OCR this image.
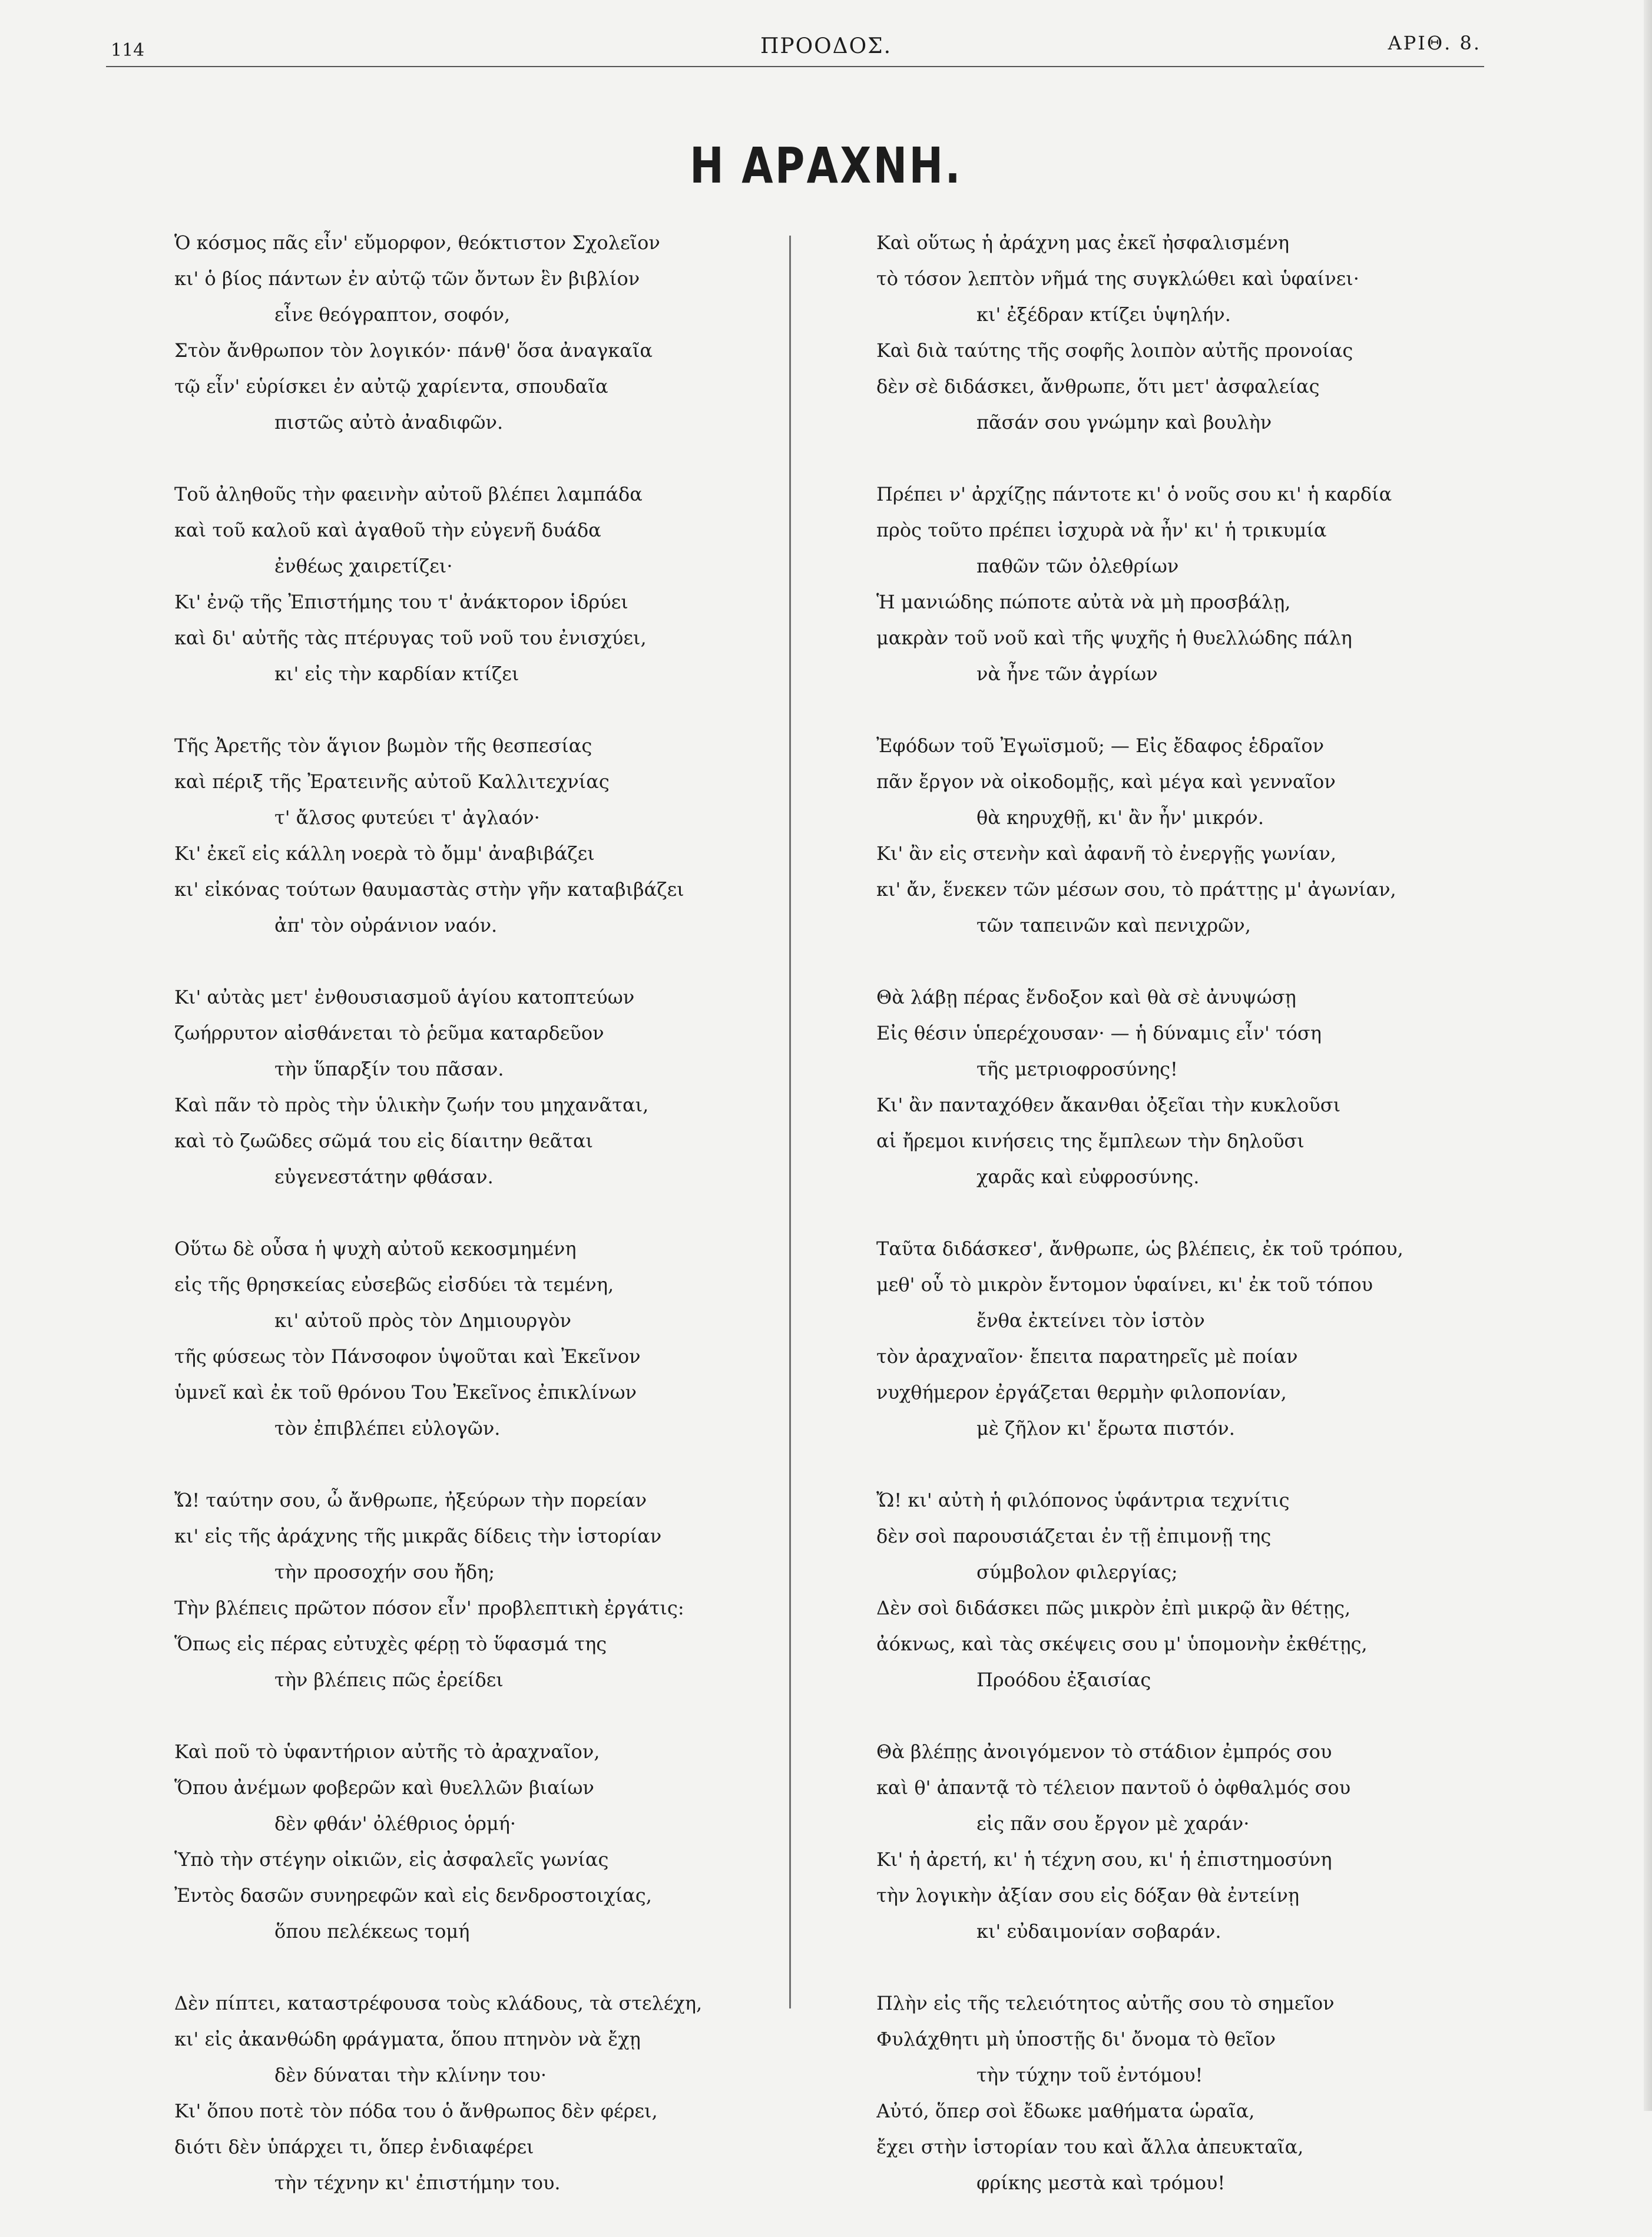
114	ΠΡΟΟΔΟΣ.	ΑΡΙΘ. 8.
Η ΑΡΑΧΝΗ.
Ὁ κόσμος πᾶς εἶν' εὔμορφον, θεόκτιστον Σχολεῖον
κι' ὁ βίος πάντων ἐν αὐτῷ τῶν ὄντων ἓν βιβλίον
εἶνε θεόγραπτον, σοφόν,
Στὸν ἄνθρωπον τὸν λογικόν· πάνθ' ὅσα ἀναγκαῖα
τῷ εἶν' εὑρίσκει ἐν αὐτῷ χαρίεντα, σπουδαῖα
πιστῶς αὐτὸ ἀναδιφῶν.
Τοῦ ἀληθοῦς τὴν φαεινὴν αὐτοῦ βλέπει λαμπάδα
καὶ τοῦ καλοῦ καὶ ἀγαθοῦ τὴν εὐγενῆ δυάδα
ἐνθέως χαιρετίζει·
Κι' ἐνῷ τῆς Ἐπιστήμης του τ' ἀνάκτορον ἱδρύει
καὶ δι' αὐτῆς τὰς πτέρυγας τοῦ νοῦ του ἐνισχύει,
κι' εἰς τὴν καρδίαν κτίζει
Τῆς Ἀρετῆς τὸν ἅγιον βωμὸν τῆς θεσπεσίας
καὶ πέριξ τῆς Ἐρατεινῆς αὐτοῦ Καλλιτεχνίας
τ' ἄλσος φυτεύει τ' ἀγλαόν·
Κι' ἐκεῖ εἰς κάλλη νοερὰ τὸ ὄμμ' ἀναβιβάζει
κι' εἰκόνας τούτων θαυμαστὰς στὴν γῆν καταβιβάζει
ἀπ' τὸν οὐράνιον ναόν.
Κι' αὐτὰς μετ' ἐνθουσιασμοῦ ἁγίου κατοπτεύων
ζωήρρυτον αἰσθάνεται τὸ ῥεῦμα καταρδεῦον
τὴν ὕπαρξίν του πᾶσαν.
Καὶ πᾶν τὸ πρὸς τὴν ὑλικὴν ζωήν του μηχανᾶται,
καὶ τὸ ζωῶδες σῶμά του εἰς δίαιτην θεᾶται
εὐγενεστάτην φθάσαν.
Οὕτω δὲ οὖσα ἡ ψυχὴ αὐτοῦ κεκοσμημένη
εἰς τῆς θρησκείας εὐσεβῶς εἰσδύει τὰ τεμένη,
κι' αὐτοῦ πρὸς τὸν Δημιουργὸν
τῆς φύσεως τὸν Πάνσοφον ὑψοῦται καὶ Ἐκεῖνον
ὑμνεῖ καὶ ἐκ τοῦ θρόνου Του Ἐκεῖνος ἐπικλίνων
τὸν ἐπιβλέπει εὐλογῶν.
Ὤ! ταύτην σου, ὦ ἄνθρωπε, ἠξεύρων τὴν πορείαν
κι' εἰς τῆς ἀράχνης τῆς μικρᾶς δίδεις τὴν ἱστορίαν
τὴν προσοχήν σου ἤδη;
Τὴν βλέπεις πρῶτον πόσον εἶν' προβλεπτικὴ ἐργάτις:
Ὅπως εἰς πέρας εὐτυχὲς φέρῃ τὸ ὕφασμά της
τὴν βλέπεις πῶς ἐρείδει
Καὶ ποῦ τὸ ὑφαντήριον αὐτῆς τὸ ἀραχναῖον,
Ὅπου ἀνέμων φοβερῶν καὶ θυελλῶν βιαίων
δὲν φθάν' ὀλέθριος ὁρμή·
Ὑπὸ τὴν στέγην οἰκιῶν, εἰς ἀσφαλεῖς γωνίας
Ἐντὸς δασῶν συνηρεφῶν καὶ εἰς δενδροστοιχίας,
ὅπου πελέκεως τομή
Δὲν πίπτει, καταστρέφουσα τοὺς κλάδους, τὰ στελέχη,
κι' εἰς ἀκανθώδη φράγματα, ὅπου πτηνὸν νὰ ἔχῃ
δὲν δύναται τὴν κλίνην του·
Κι' ὅπου ποτὲ τὸν πόδα του ὁ ἄνθρωπος δὲν φέρει,
διότι δὲν ὑπάρχει τι, ὅπερ ἐνδιαφέρει
τὴν τέχνην κι' ἐπιστήμην του.
Καὶ οὕτως ἡ ἀράχνη μας ἐκεῖ ἠσφαλισμένη
τὸ τόσον λεπτὸν νῆμά της συγκλώθει καὶ ὑφαίνει·
κι' ἐξέδραν κτίζει ὑψηλήν.
Καὶ διὰ ταύτης τῆς σοφῆς λοιπὸν αὐτῆς προνοίας
δὲν σὲ διδάσκει, ἄνθρωπε, ὅτι μετ' ἀσφαλείας
πᾶσάν σου γνώμην καὶ βουλὴν
Πρέπει ν' ἀρχίζῃς πάντοτε κι' ὁ νοῦς σου κι' ἡ καρδία
πρὸς τοῦτο πρέπει ἰσχυρὰ νὰ ἦν' κι' ἡ τρικυμία
παθῶν τῶν ὀλεθρίων
Ἡ μανιώδης πώποτε αὐτὰ νὰ μὴ προσβάλῃ,
μακρὰν τοῦ νοῦ καὶ τῆς ψυχῆς ἡ θυελλώδης πάλη
νὰ ἦνε τῶν ἀγρίων
Ἐφόδων τοῦ Ἐγωϊσμοῦ; — Εἰς ἔδαφος ἑδραῖον
πᾶν ἔργον νὰ οἰκοδομῇς, καὶ μέγα καὶ γενναῖον
θὰ κηρυχθῇ, κι' ἂν ἦν' μικρόν.
Κι' ἂν εἰς στενὴν καὶ ἀφανῆ τὸ ἐνεργῇς γωνίαν,
κι' ἄν, ἕνεκεν τῶν μέσων σου, τὸ πράττῃς μ' ἀγωνίαν,
τῶν ταπεινῶν καὶ πενιχρῶν,
Θὰ λάβῃ πέρας ἔνδοξον καὶ θὰ σὲ ἀνυψώσῃ
Εἰς θέσιν ὑπερέχουσαν· — ἡ δύναμις εἶν' τόση
τῆς μετριοφροσύνης!
Κι' ἂν πανταχόθεν ἄκανθαι ὀξεῖαι τὴν κυκλοῦσι
αἱ ἤρεμοι κινήσεις της ἔμπλεων τὴν δηλοῦσι
χαρᾶς καὶ εὐφροσύνης.
Ταῦτα διδάσκεσ', ἄνθρωπε, ὡς βλέπεις, ἐκ τοῦ τρόπου,
μεθ' οὗ τὸ μικρὸν ἔντομον ὑφαίνει, κι' ἐκ τοῦ τόπου
ἔνθα ἐκτείνει τὸν ἱστὸν
τὸν ἀραχναῖον· ἔπειτα παρατηρεῖς μὲ ποίαν
νυχθήμερον ἐργάζεται θερμὴν φιλοπονίαν,
μὲ ζῆλον κι' ἔρωτα πιστόν.
Ὤ! κι' αὐτὴ ἡ φιλόπονος ὑφάντρια τεχνίτις
δὲν σοὶ παρουσιάζεται ἐν τῇ ἐπιμονῇ της
σύμβολον φιλεργίας;
Δὲν σοὶ διδάσκει πῶς μικρὸν ἐπὶ μικρῷ ἂν θέτῃς,
ἀόκνως, καὶ τὰς σκέψεις σου μ' ὑπομονὴν ἐκθέτῃς,
Προόδου ἐξαισίας
Θὰ βλέπῃς ἀνοιγόμενον τὸ στάδιον ἐμπρός σου
καὶ θ' ἀπαντᾷ τὸ τέλειον παντοῦ ὁ ὀφθαλμός σου
εἰς πᾶν σου ἔργον μὲ χαράν·
Κι' ἡ ἀρετή, κι' ἡ τέχνη σου, κι' ἡ ἐπιστημοσύνη
τὴν λογικὴν ἀξίαν σου εἰς δόξαν θὰ ἐντείνῃ
κι' εὐδαιμονίαν σοβαράν.
Πλὴν εἰς τῆς τελειότητος αὐτῆς σου τὸ σημεῖον
Φυλάχθητι μὴ ὑποστῇς δι' ὄνομα τὸ θεῖον
τὴν τύχην τοῦ ἐντόμου!
Αὐτό, ὅπερ σοὶ ἔδωκε μαθήματα ὡραῖα,
ἔχει στὴν ἱστορίαν του καὶ ἄλλα ἀπευκταῖα,
φρίκης μεστὰ καὶ τρόμου!
